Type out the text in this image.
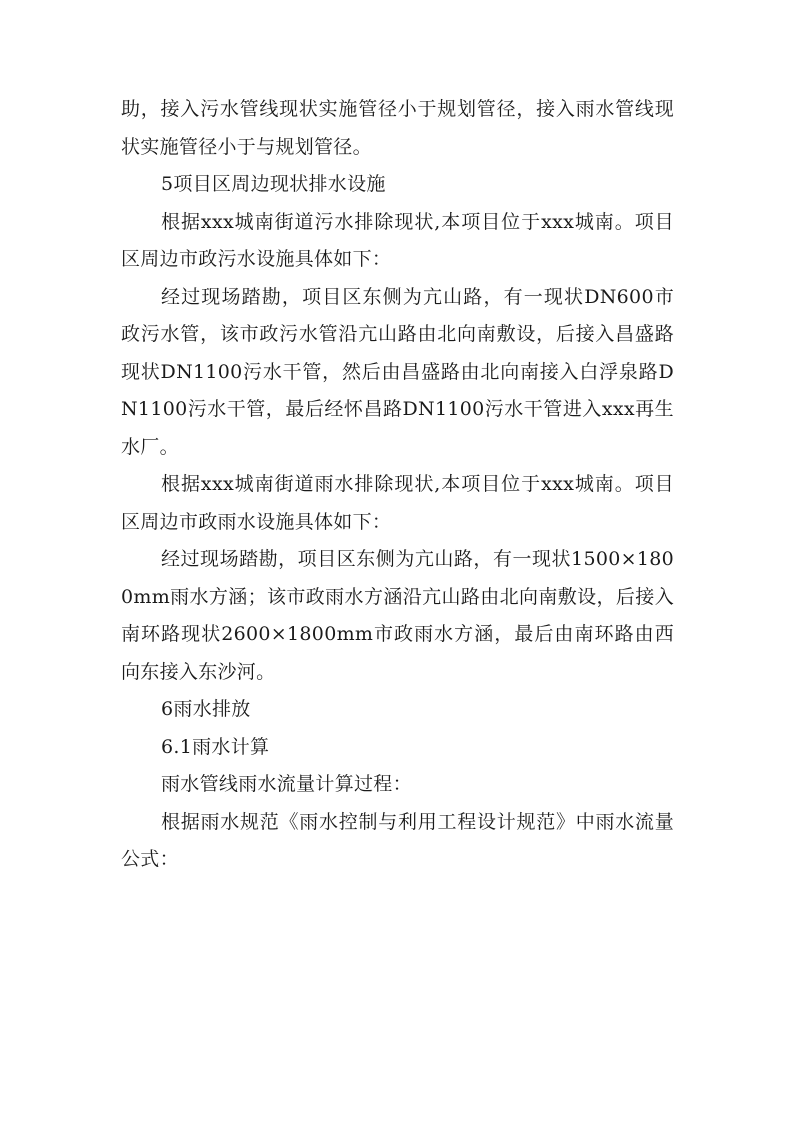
助，接入污水管线现状实施管径小于规划管径，接入雨水管线现状实施管径小于与规划管径。

5项目区周边现状排水设施

根据xxx城南街道污水排除现状,本项目位于xxx城南。项目区周边市政污水设施具体如下：

经过现场踏勘，项目区东侧为亢山路，有一现状DN600市政污水管，该市政污水管沿亢山路由北向南敷设，后接入昌盛路现状DN1100污水干管，然后由昌盛路由北向南接入白浮泉路DN1100污水干管，最后经怀昌路DN1100污水干管进入xxx再生水厂。

根据xxx城南街道雨水排除现状,本项目位于xxx城南。项目区周边市政雨水设施具体如下：

经过现场踏勘，项目区东侧为亢山路，有一现状1500×1800mm雨水方涵；该市政雨水方涵沿亢山路由北向南敷设，后接入南环路现状2600×1800mm市政雨水方涵，最后由南环路由西向东接入东沙河。

6雨水排放

6.1雨水计算

雨水管线雨水流量计算过程：

根据雨水规范《雨水控制与利用工程设计规范》中雨水流量公式：
